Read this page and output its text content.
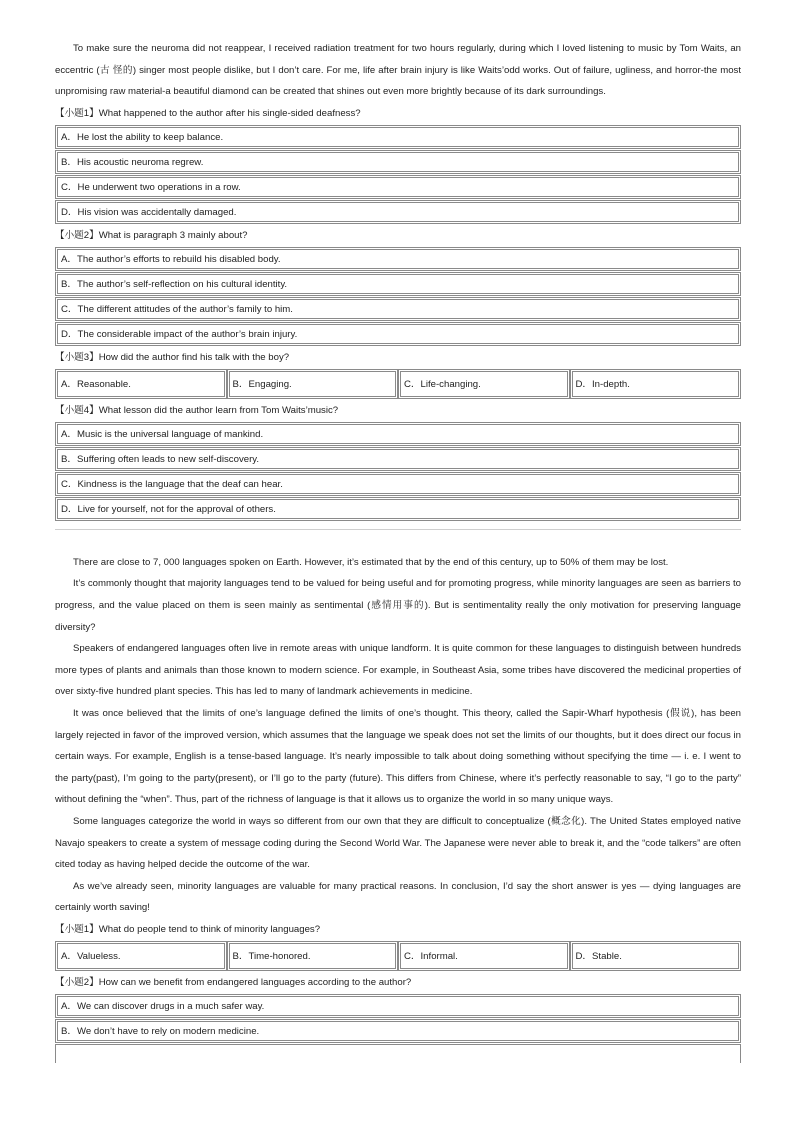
To make sure the neuroma did not reappear, I received radiation treatment for two hours regularly, during which I loved listening to music by Tom Waits, an eccentric (古 怪的) singer most people dislike, but I don’t care. For me, life after brain injury is like Waits’odd works. Out of failure, ugliness, and horror-the most unpromising raw material-a beautiful diamond can be created that shines out even more brightly because of its dark surroundings.

【小题1】What happened to the author after his single-sided deafness?
A．He lost the ability to keep balance.
B．His acoustic neuroma regrew.
C．He underwent two operations in a row.
D．His vision was accidentally damaged.
【小题2】What is paragraph 3 mainly about?
A．The author’s efforts to rebuild his disabled body.
B．The author’s self-reflection on his cultural identity.
C．The different attitudes of the author’s family to him.
D．The considerable impact of the author’s brain injury.
【小题3】How did the author find his talk with the boy?
A．Reasonable.	B．Engaging.	C．Life-changing.	D．In-depth.
【小题4】What lesson did the author learn from Tom Waits’music?
A．Music is the universal language of mankind.
B．Suffering often leads to new self-discovery.
C．Kindness is the language that the deaf can hear.
D．Live for yourself, not for the approval of others.

There are close to 7, 000 languages spoken on Earth. However, it’s estimated that by the end of this century, up to 50% of them may be lost.

It’s commonly thought that majority languages tend to be valued for being useful and for promoting progress, while minority languages are seen as barriers to progress, and the value placed on them is seen mainly as sentimental (感情用事的). But is sentimentality really the only motivation for preserving language diversity?

Speakers of endangered languages often live in remote areas with unique landform. It is quite common for these languages to distinguish between hundreds more types of plants and animals than those known to modern science. For example, in Southeast Asia, some tribes have discovered the medicinal properties of over sixty-five hundred plant species. This has led to many of landmark achievements in medicine.

It was once believed that the limits of one’s language defined the limits of one’s thought. This theory, called the Sapir-Wharf hypothesis (假说), has been largely rejected in favor of the improved version, which assumes that the language we speak does not set the limits of our thoughts, but it does direct our focus in certain ways. For example, English is a tense-based language. It’s nearly impossible to talk about doing something without specifying the time — i. e. I went to the party(past), I’m going to the party(present), or I’ll go to the party (future). This differs from Chinese, where it’s perfectly reasonable to say, “I go to the party” without defining the “when”. Thus, part of the richness of language is that it allows us to organize the world in so many unique ways.

Some languages categorize the world in ways so different from our own that they are difficult to conceptualize (概念化). The United States employed native Navajo speakers to create a system of message coding during the Second World War. The Japanese were never able to break it, and the “code talkers” are often cited today as having helped decide the outcome of the war.

As we’ve already seen, minority languages are valuable for many practical reasons. In conclusion, I’d say the short answer is yes — dying languages are certainly worth saving!

【小题1】What do people tend to think of minority languages?
A．Valueless.	B．Time-honored.	C．Informal.	D．Stable.
【小题2】How can we benefit from endangered languages according to the author?
A．We can discover drugs in a much safer way.
B．We don’t have to rely on modern medicine.
